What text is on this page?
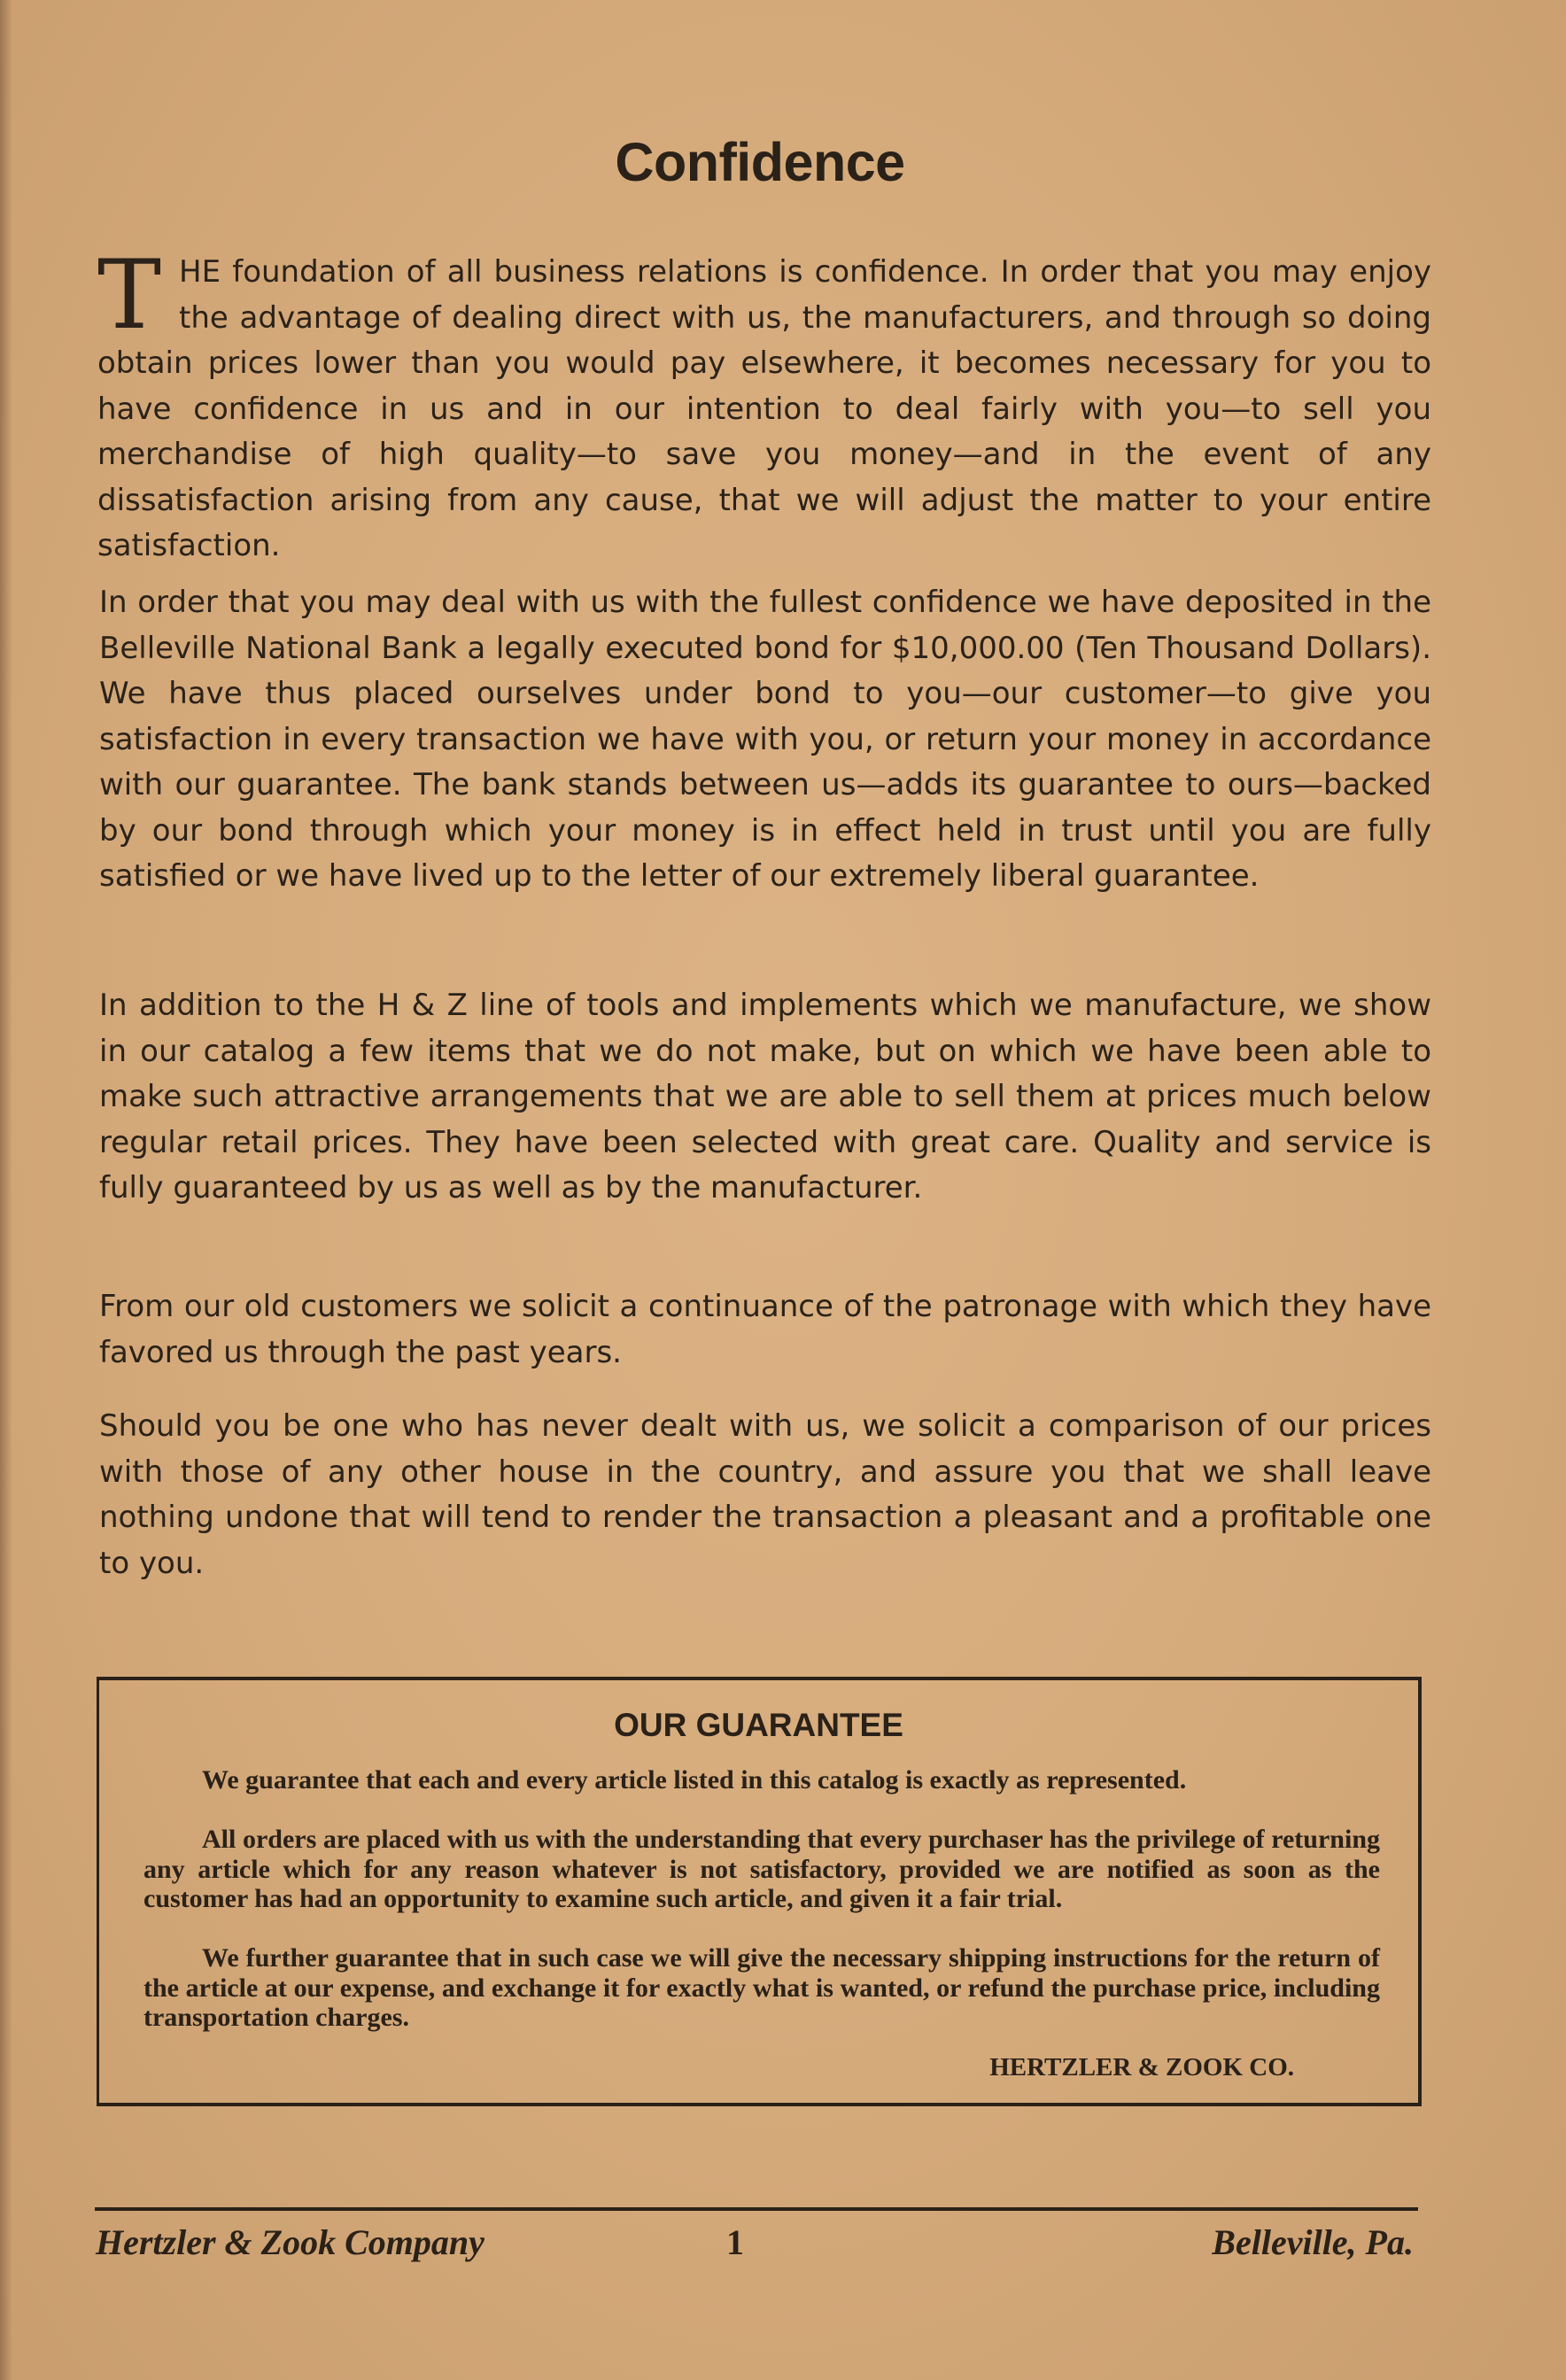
Confidence
THE foundation of all business relations is confidence. In order that you may enjoy the advantage of dealing direct with us, the manufacturers, and through so doing obtain prices lower than you would pay elsewhere, it becomes necessary for you to have confidence in us and in our intention to deal fairly with you—to sell you merchandise of high quality—to save you money—and in the event of any dissatisfaction arising from any cause, that we will adjust the matter to your entire satisfaction.

In order that you may deal with us with the fullest confidence we have deposited in the Belleville National Bank a legally executed bond for $10,000.00 (Ten Thousand Dollars). We have thus placed ourselves under bond to you—our customer—to give you satisfaction in every transaction we have with you, or return your money in accordance with our guarantee. The bank stands between us—adds its guarantee to ours—backed by our bond through which your money is in effect held in trust until you are fully satisfied or we have lived up to the letter of our extremely liberal guarantee.

In addition to the H & Z line of tools and implements which we manufacture, we show in our catalog a few items that we do not make, but on which we have been able to make such attractive arrangements that we are able to sell them at prices much below regular retail prices. They have been selected with great care. Quality and service is fully guaranteed by us as well as by the manufacturer.

From our old customers we solicit a continuance of the patronage with which they have favored us through the past years.

Should you be one who has never dealt with us, we solicit a comparison of our prices with those of any other house in the country, and assure you that we shall leave nothing undone that will tend to render the transaction a pleasant and a profitable one to you.

OUR GUARANTEE

We guarantee that each and every article listed in this catalog is exactly as represented.

All orders are placed with us with the understanding that every purchaser has the privilege of returning any article which for any reason whatever is not satisfactory, provided we are notified as soon as the customer has had an opportunity to examine such article, and given it a fair trial.

We further guarantee that in such case we will give the necessary shipping instructions for the return of the article at our expense, and exchange it for exactly what is wanted, or refund the purchase price, including transportation charges.

HERTZLER & ZOOK CO.

Hertzler & Zook Company	1	Belleville, Pa.
